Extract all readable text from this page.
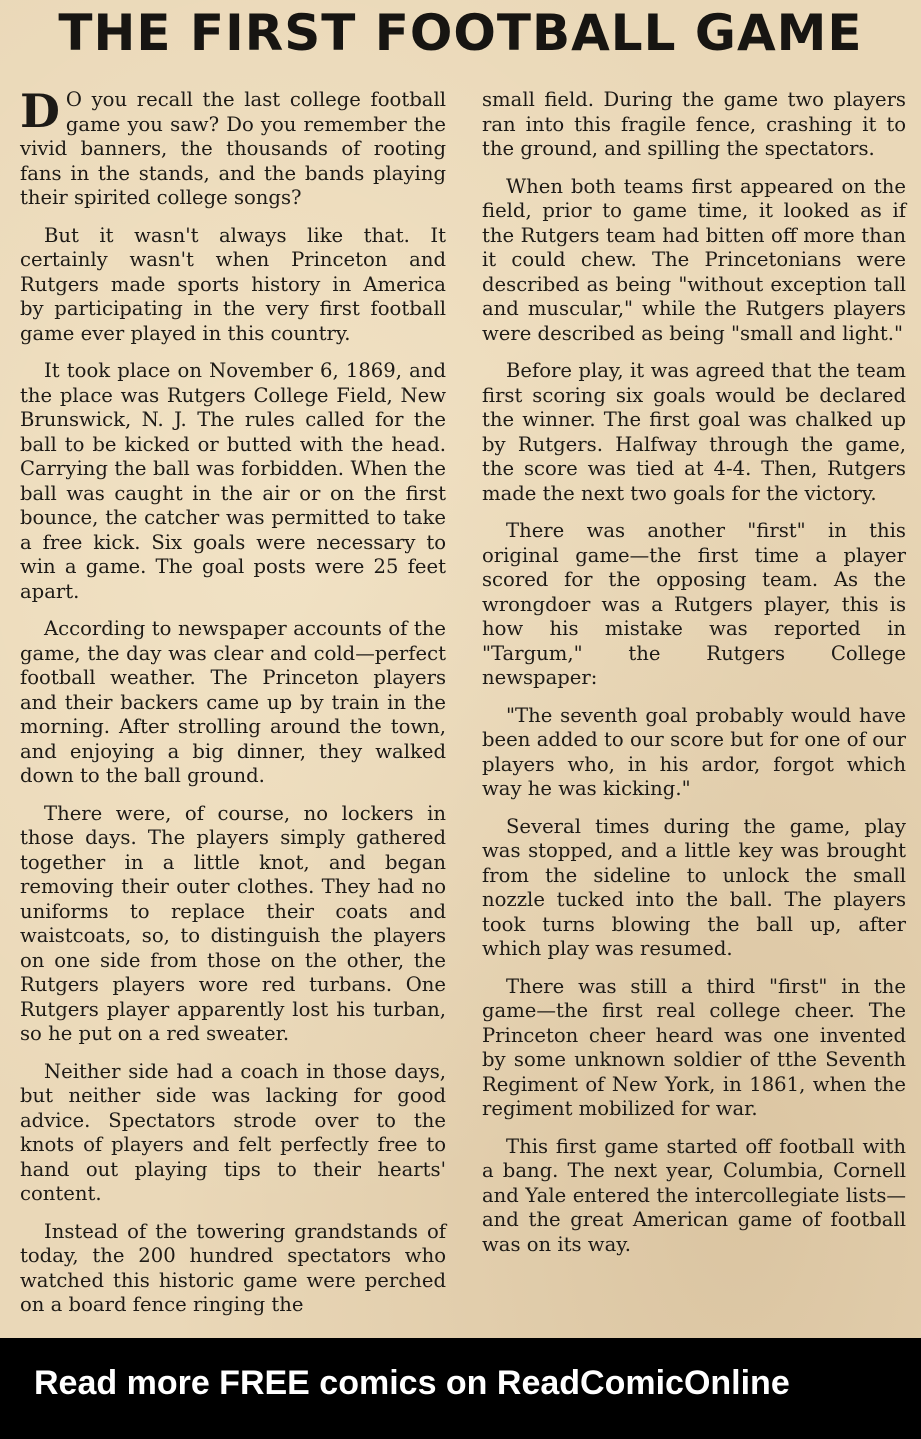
THE FIRST FOOTBALL GAME

D O you recall the last college football game you saw? Do you remember the vivid banners, the thousands of rooting fans in the stands, and the bands playing their spirited college songs?

But it wasn't always like that. It certainly wasn't when Princeton and Rutgers made sports history in America by participating in the very first football game ever played in this country.

It took place on November 6, 1869, and the place was Rutgers College Field, New Brunswick, N. J. The rules called for the ball to be kicked or butted with the head. Carrying the ball was forbidden. When the ball was caught in the air or on the first bounce, the catcher was permitted to take a free kick. Six goals were necessary to win a game. The goal posts were 25 feet apart.

According to newspaper accounts of the game, the day was clear and cold—perfect football weather. The Princeton players and their backers came up by train in the morning. After strolling around the town, and enjoying a big dinner, they walked down to the ball ground.

There were, of course, no lockers in those days. The players simply gathered together in a little knot, and began removing their outer clothes. They had no uniforms to replace their coats and waistcoats, so, to distinguish the players on one side from those on the other, the Rutgers players wore red turbans. One Rutgers player apparently lost his turban, so he put on a red sweater.

Neither side had a coach in those days, but neither side was lacking for good advice. Spectators strode over to the knots of players and felt perfectly free to hand out playing tips to their hearts' content.

Instead of the towering grandstands of today, the 200 hundred spectators who watched this historic game were perched on a board fence ringing the

small field. During the game two players ran into this fragile fence, crashing it to the ground, and spilling the spectators.

When both teams first appeared on the field, prior to game time, it looked as if the Rutgers team had bitten off more than it could chew. The Princetonians were described as being "without exception tall and muscular," while the Rutgers players were described as being "small and light."

Before play, it was agreed that the team first scoring six goals would be declared the winner. The first goal was chalked up by Rutgers. Halfway through the game, the score was tied at 4-4. Then, Rutgers made the next two goals for the victory.

There was another "first" in this original game—the first time a player scored for the opposing team. As the wrongdoer was a Rutgers player, this is how his mistake was reported in "Targum," the Rutgers College newspaper:

"The seventh goal probably would have been added to our score but for one of our players who, in his ardor, forgot which way he was kicking."

Several times during the game, play was stopped, and a little key was brought from the sideline to unlock the small nozzle tucked into the ball. The players took turns blowing the ball up, after which play was resumed.

There was still a third "first" in the game—the first real college cheer. The Princeton cheer heard was one invented by some unknown soldier of tthe Seventh Regiment of New York, in 1861, when the regiment mobilized for war.

This first game started off football with a bang. The next year, Columbia, Cornell and Yale entered the intercollegiate lists—and the great American game of football was on its way.

Read more FREE comics on ReadComicOnline
